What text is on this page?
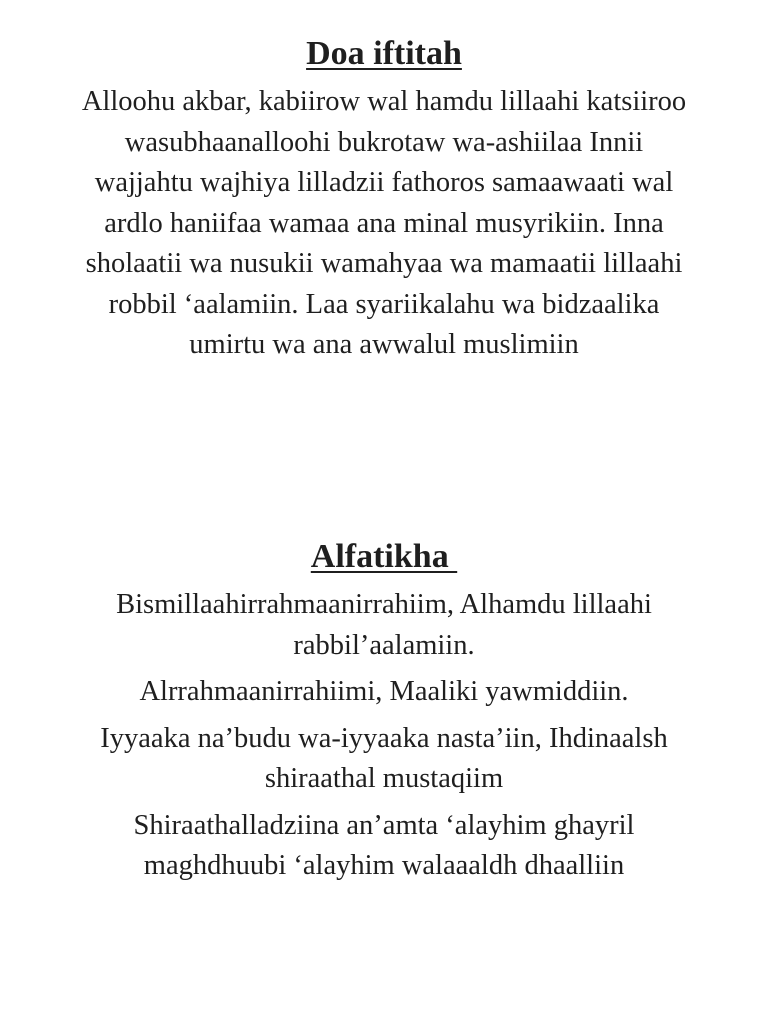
Doa iftitah
Alloohu akbar, kabiirow wal hamdu lillaahi katsiiroo
wasubhaanalloohi bukrotaw wa-ashiilaa Innii
wajjahtu wajhiya lilladzii fathoros samaawaati wal
ardlo haniifaa wamaa ana minal musyrikiin. Inna
sholaatii wa nusukii wamahyaa wa mamaatii lillaahi
robbil ‘aalamiin. Laa syariikalahu wa bidzaalika
umirtu wa ana awwalul muslimiin
Alfatikha
Bismillaahirrahmaanirrahiim, Alhamdu lillaahi
rabbil’aalamiin.
Alrrahmaanirrahiimi, Maaliki yawmiddiin.
Iyyaaka na’budu wa-iyyaaka nasta’iin, Ihdinaalsh
shiraathal mustaqiim
Shiraathalladziina an’amta ‘alayhim ghayril
maghdhuubi ‘alayhim walaaaldh dhaalliin
